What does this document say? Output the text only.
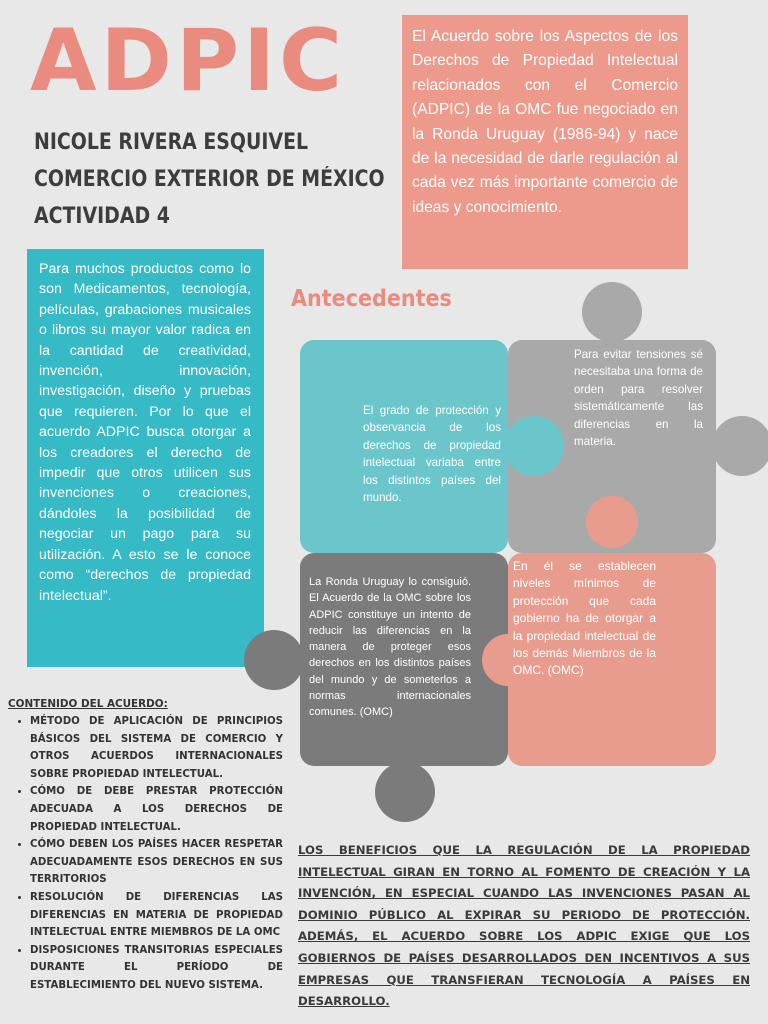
ADPIC
NICOLE RIVERA ESQUIVEL
COMERCIO EXTERIOR DE MÉXICO
ACTIVIDAD 4
El Acuerdo sobre los Aspectos de los Derechos de Propiedad Intelectual relacionados con el Comercio (ADPIC) de la OMC fue negociado en la Ronda Uruguay (1986-94) y nace de la necesidad de darle regulación al cada vez más importante comercio de ideas y conocimiento.
Para muchos productos como lo son Medicamentos, tecnología, películas, grabaciones musicales o libros su mayor valor radica en la cantidad de creatividad, invención, innovación, investigación, diseño y pruebas que requieren. Por lo que el acuerdo ADPIC busca otorgar a los creadores el derecho de impedir que otros utilicen sus invenciones o creaciones, dándoles la posibilidad de negociar un pago para su utilización. A esto se le conoce como “derechos de propiedad intelectual”.
Antecedentes
El grado de protección y observancia de los derechos de propiedad intelectual variaba entre los distintos países del mundo.
Para evitar tensiones sé necesitaba una forma de orden para resolver sistemáticamente las diferencias en la materia.
La Ronda Uruguay lo consiguió. El Acuerdo de la OMC sobre los ADPIC constituye un intento de reducir las diferencias en la manera de proteger esos derechos en los distintos países del mundo y de someterlos a normas internacionales comunes. (OMC)
En él se establecen niveles mínimos de protección que cada gobierno ha de otorgar a la propiedad intelectual de los demás Miembros de la OMC. (OMC)
CONTENIDO DEL ACUERDO:
• MÉTODO DE APLICACIÓN DE PRINCIPIOS BÁSICOS DEL SISTEMA DE COMERCIO Y OTROS ACUERDOS INTERNACIONALES SOBRE PROPIEDAD INTELECTUAL.
• CÓMO DE DEBE PRESTAR PROTECCIÓN ADECUADA A LOS DERECHOS DE PROPIEDAD INTELECTUAL.
• CÓMO DEBEN LOS PAÍSES HACER RESPETAR ADECUADAMENTE ESOS DERECHOS EN SUS TERRITORIOS
• RESOLUCIÓN DE DIFERENCIAS LAS DIFERENCIAS EN MATERIA DE PROPIEDAD INTELECTUAL ENTRE MIEMBROS DE LA OMC
• DISPOSICIONES TRANSITORIAS ESPECIALES DURANTE EL PERÍODO DE ESTABLECIMIENTO DEL NUEVO SISTEMA.
LOS BENEFICIOS QUE LA REGULACIÓN DE LA PROPIEDAD INTELECTUAL GIRAN EN TORNO AL FOMENTO DE CREACIÓN Y LA INVENCIÓN, EN ESPECIAL CUANDO LAS INVENCIONES PASAN AL DOMINIO PÚBLICO AL EXPIRAR SU PERIODO DE PROTECCIÓN. ADEMÁS, EL ACUERDO SOBRE LOS ADPIC EXIGE QUE LOS GOBIERNOS DE PAÍSES DESARROLLADOS DEN INCENTIVOS A SUS EMPRESAS QUE TRANSFIERAN TECNOLOGÍA A PAÍSES EN DESARROLLO.
